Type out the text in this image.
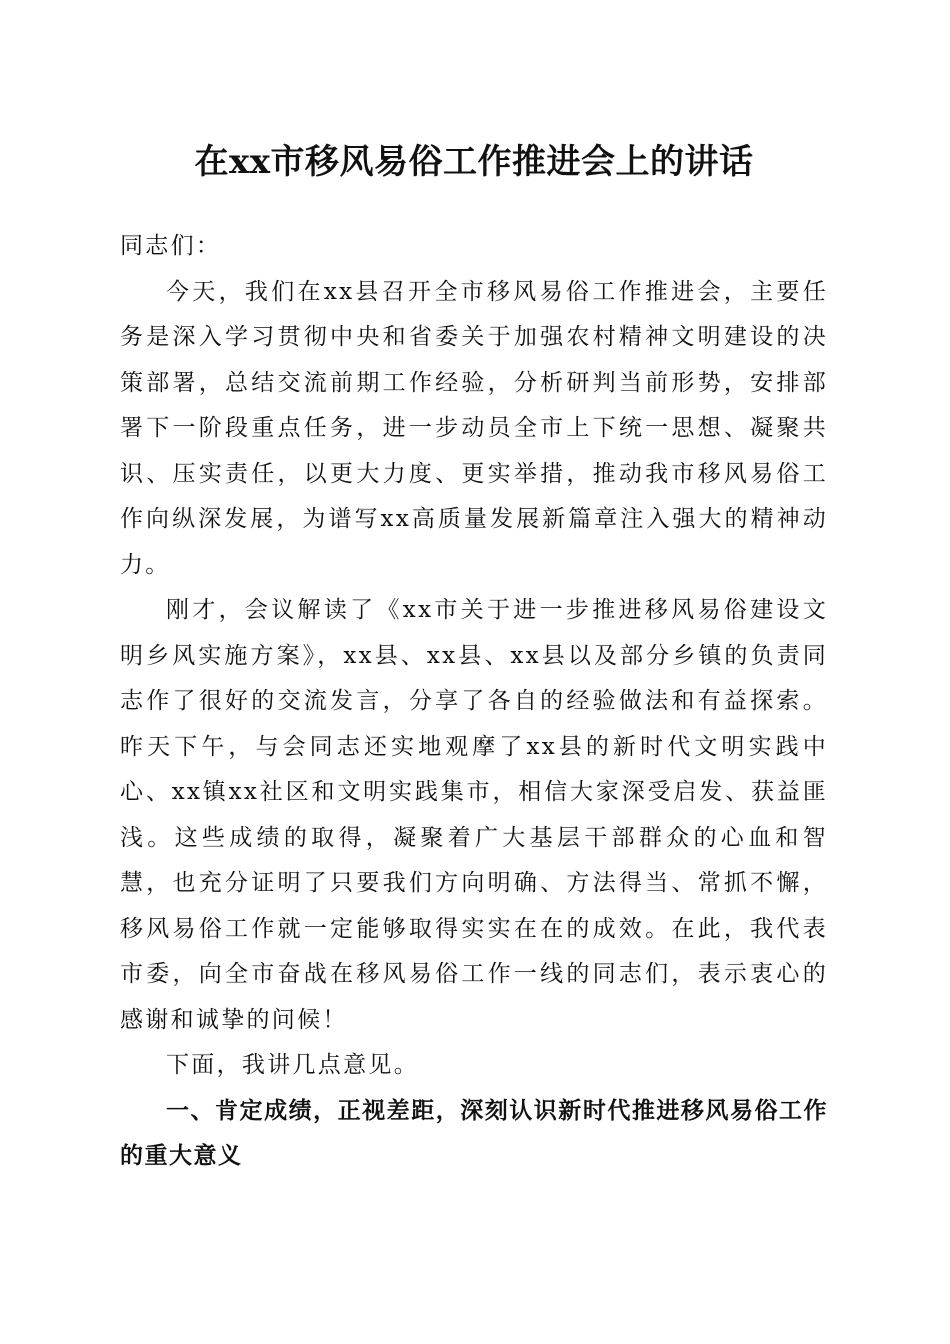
在xx市移风易俗工作推进会上的讲话

同志们：

今天，我们在xx县召开全市移风易俗工作推进会，主要任务是深入学习贯彻中央和省委关于加强农村精神文明建设的决策部署，总结交流前期工作经验，分析研判当前形势，安排部署下一阶段重点任务，进一步动员全市上下统一思想、凝聚共识、压实责任，以更大力度、更实举措，推动我市移风易俗工作向纵深发展，为谱写xx高质量发展新篇章注入强大的精神动力。

刚才，会议解读了《xx市关于进一步推进移风易俗建设文明乡风实施方案》，xx县、xx县、xx县以及部分乡镇的负责同志作了很好的交流发言，分享了各自的经验做法和有益探索。昨天下午，与会同志还实地观摩了xx县的新时代文明实践中心、xx镇xx社区和文明实践集市，相信大家深受启发、获益匪浅。这些成绩的取得，凝聚着广大基层干部群众的心血和智慧，也充分证明了只要我们方向明确、方法得当、常抓不懈，移风易俗工作就一定能够取得实实在在的成效。在此，我代表市委，向全市奋战在移风易俗工作一线的同志们，表示衷心的感谢和诚挚的问候！

下面，我讲几点意见。

一、肯定成绩，正视差距，深刻认识新时代推进移风易俗工作的重大意义
